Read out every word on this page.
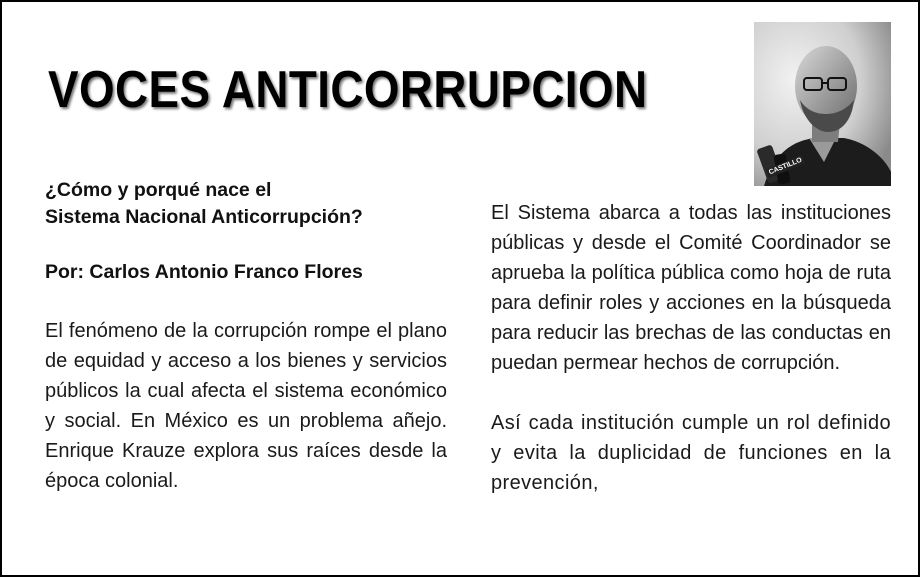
VOCES ANTICORRUPCION
CASTILLO

¿Cómo y porqué nace el
Sistema Nacional Anticorrupción?

Por: Carlos Antonio Franco Flores

El fenómeno de la corrupción rompe el plano de equidad y acceso a los bienes y servicios públicos la cual afecta el sistema económico y social. En México es un problema añejo. Enrique Krauze explora sus raíces desde la época colonial.

El Sistema abarca a todas las instituciones públicas y desde el Comité Coordinador se aprueba la política pública como hoja de ruta para definir roles y acciones en la búsqueda para reducir las brechas de las conductas en puedan permear hechos de corrupción.

Así cada institución cumple un rol definido y evita la duplicidad de funciones en la prevención,
